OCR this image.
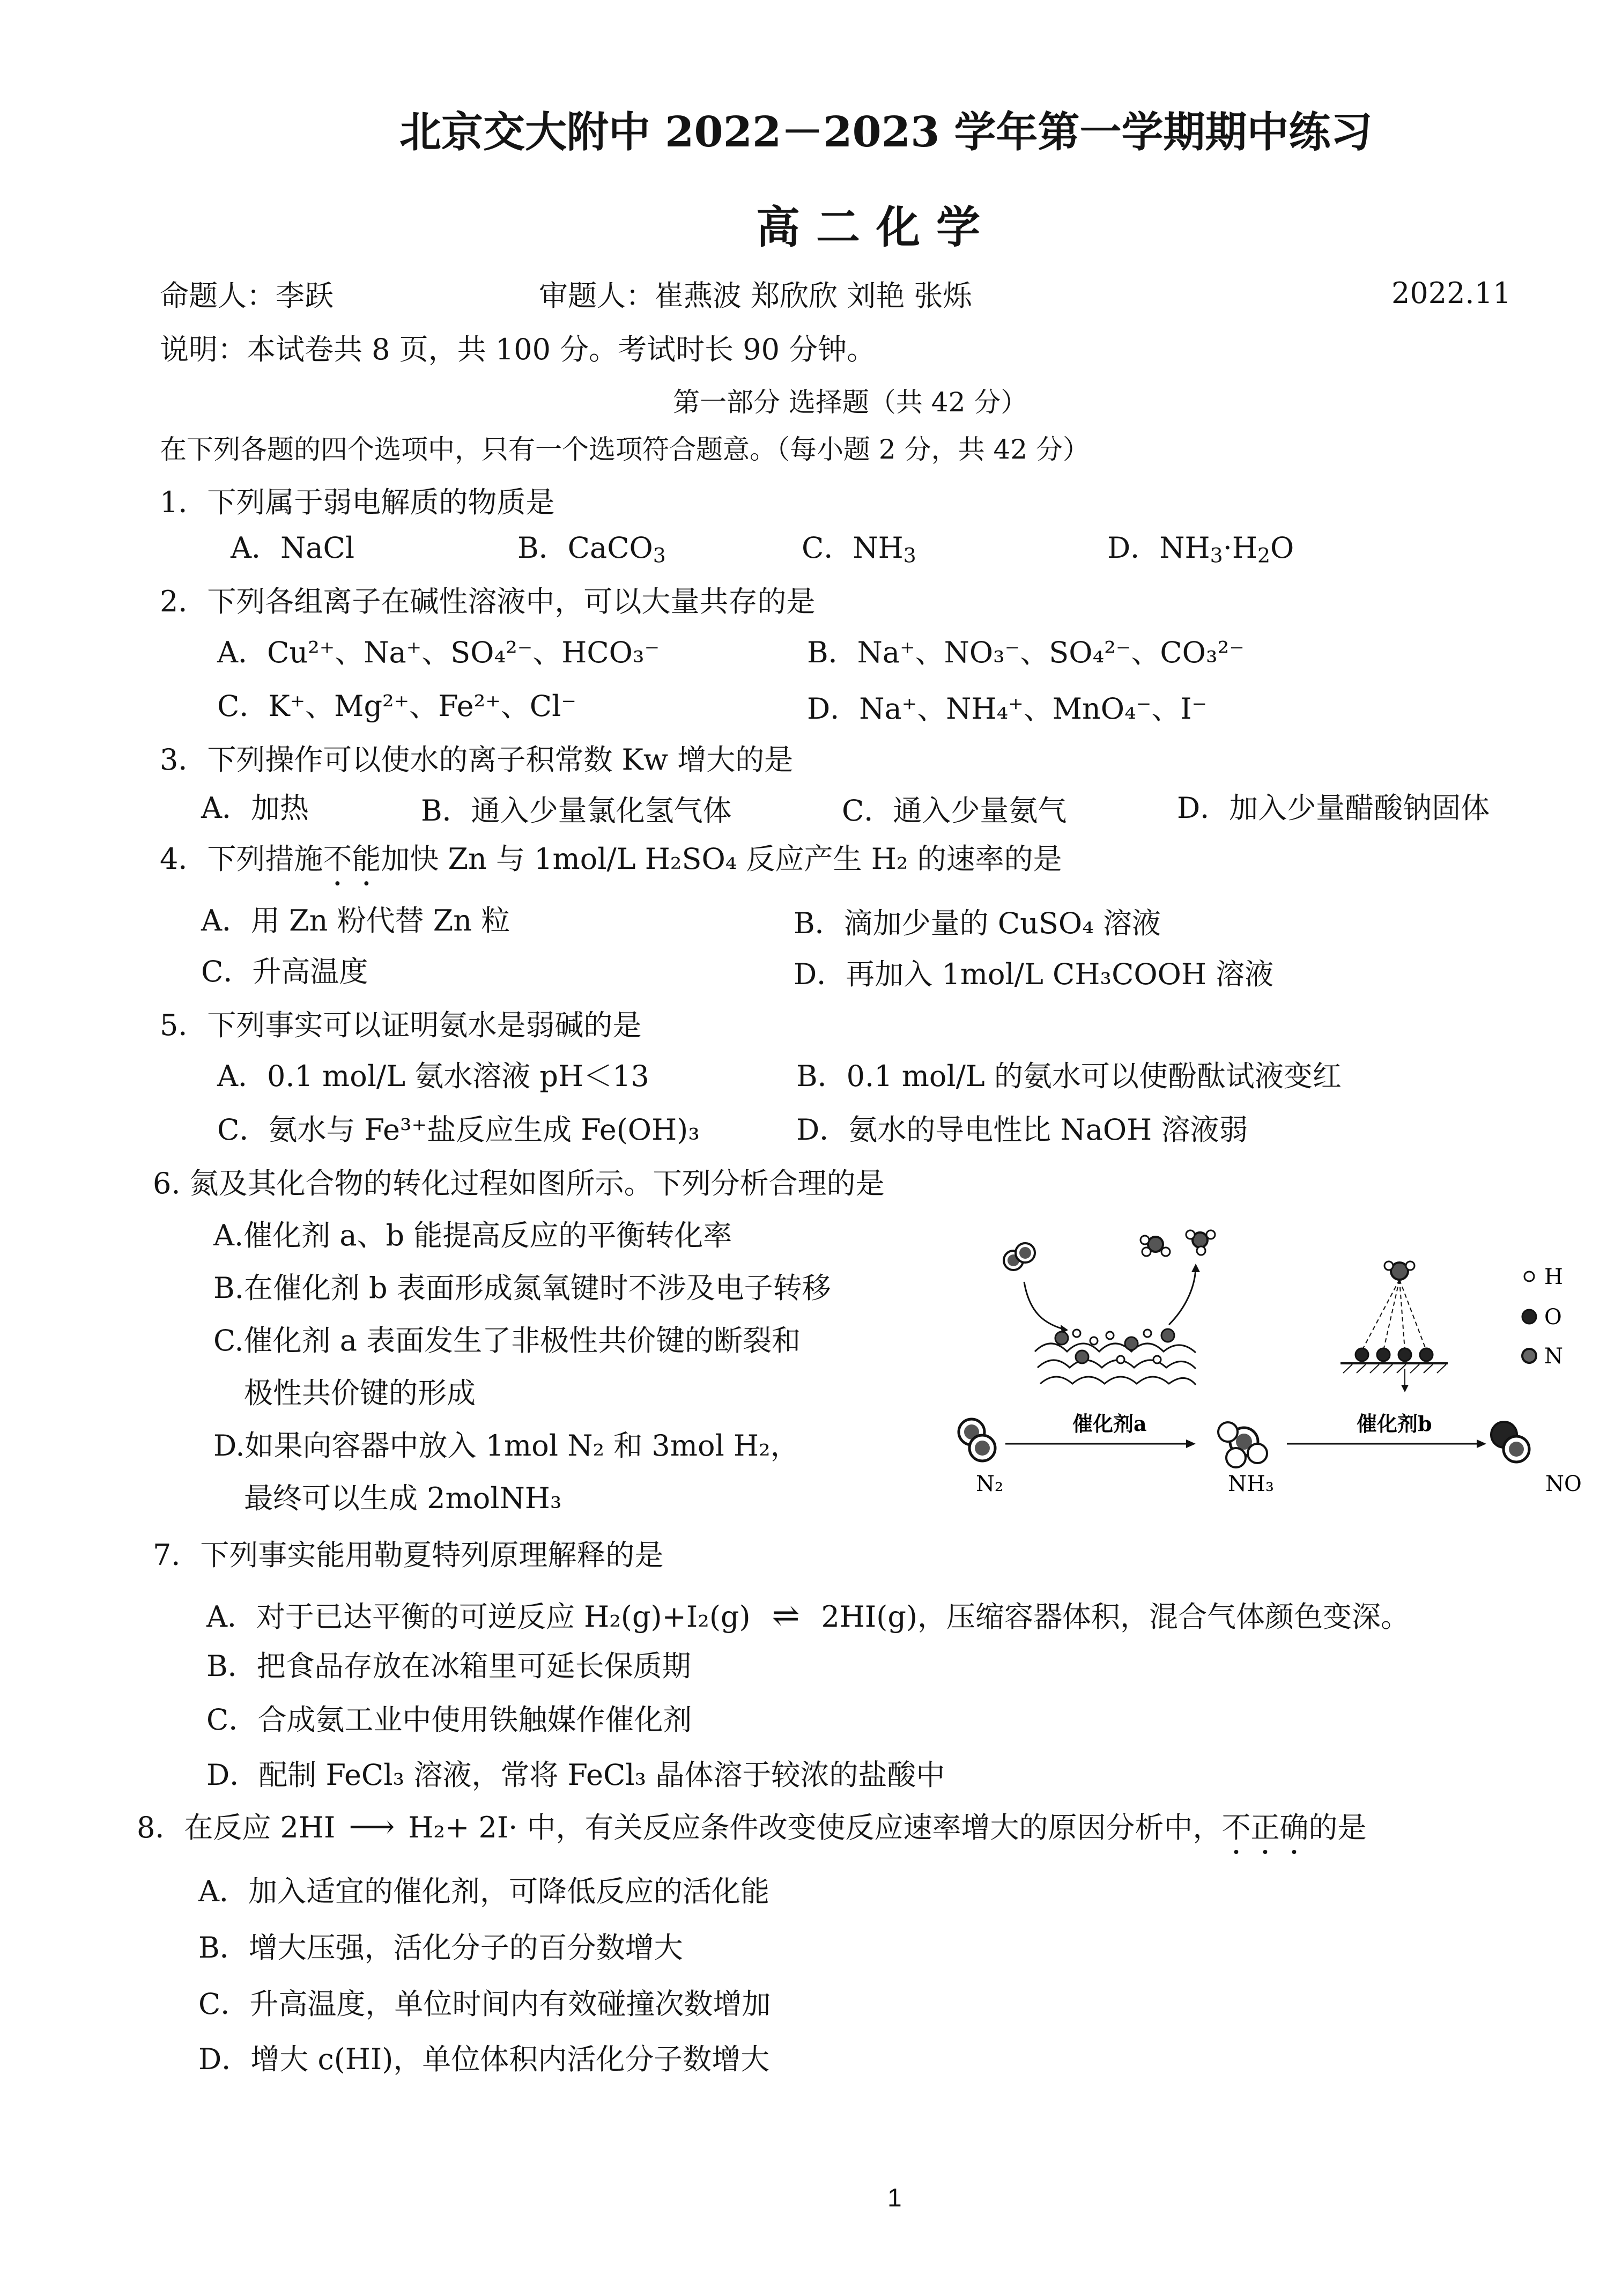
北京交大附中 2022－2023 学年第一学期期中练习
高二化学
命题人：李跃	审题人：崔燕波 郑欣欣 刘艳 张烁	2022.11
说明：本试卷共 8 页，共 100 分。考试时长 90 分钟。
第一部分 选择题（共 42 分）
在下列各题的四个选项中，只有一个选项符合题意。（每小题 2 分，共 42 分）
1．下列属于弱电解质的物质是
A．NaCl	B．CaCO$_3$	C．$NH_3$	D．$NH_3\cdot H_2O$
2．下列各组离子在碱性溶液中，可以大量共存的是
A．Cu²⁺、Na⁺、SO₄²⁻、HCO₃⁻	B．Na⁺、NO₃⁻、SO₄²⁻、CO₃²⁻
C．K⁺、Mg²⁺、Fe²⁺、Cl⁻	D．Na⁺、NH₄⁺、MnO₄⁻、I⁻
3．下列操作可以使水的离子积常数 Kw 增大的是
A．加热	B．通入少量氯化氢气体	C．通入少量氨气	D．加入少量醋酸钠固体
4．下列措施不能加快 Zn 与 1mol/L H₂SO₄ 反应产生 H₂ 的速率的是
A．用 Zn 粉代替 Zn 粒	B．滴加少量的 CuSO₄ 溶液
C．升高温度	D．再加入 1mol/L CH₃COOH 溶液
5．下列事实可以证明氨水是弱碱的是
A．0.1 mol/L 氨水溶液 pH＜13	B．0.1 mol/L 的氨水可以使酚酞试液变红
C．氨水与 Fe³⁺盐反应生成 Fe(OH)₃	D．氨水的导电性比 NaOH 溶液弱
6. 氮及其化合物的转化过程如图所示。下列分析合理的是
A.催化剂 a、b 能提高反应的平衡转化率
B.在催化剂 b 表面形成氮氧键时不涉及电子转移
C.催化剂 a 表面发生了非极性共价键的断裂和
极性共价键的形成
D.如果向容器中放入 1mol N₂ 和 3mol H₂，
最终可以生成 2molNH₃
H
O
N
N₂
催化剂a
NH₃
催化剂b
NO
7．下列事实能用勒夏特列原理解释的是
A．对于已达平衡的可逆反应 H₂(g)+I₂(g) ⇌ 2HI(g)，压缩容器体积，混合气体颜色变深。
B．把食品存放在冰箱里可延长保质期
C．合成氨工业中使用铁触媒作催化剂
D．配制 FeCl₃ 溶液，常将 FeCl₃ 晶体溶于较浓的盐酸中
8．在反应 2HI ⟶ H₂+ 2I· 中，有关反应条件改变使反应速率增大的原因分析中，不正确的是
A．加入适宜的催化剂，可降低反应的活化能
B．增大压强，活化分子的百分数增大
C．升高温度，单位时间内有效碰撞次数增加
D．增大 c(HI)，单位体积内活化分子数增大
1
